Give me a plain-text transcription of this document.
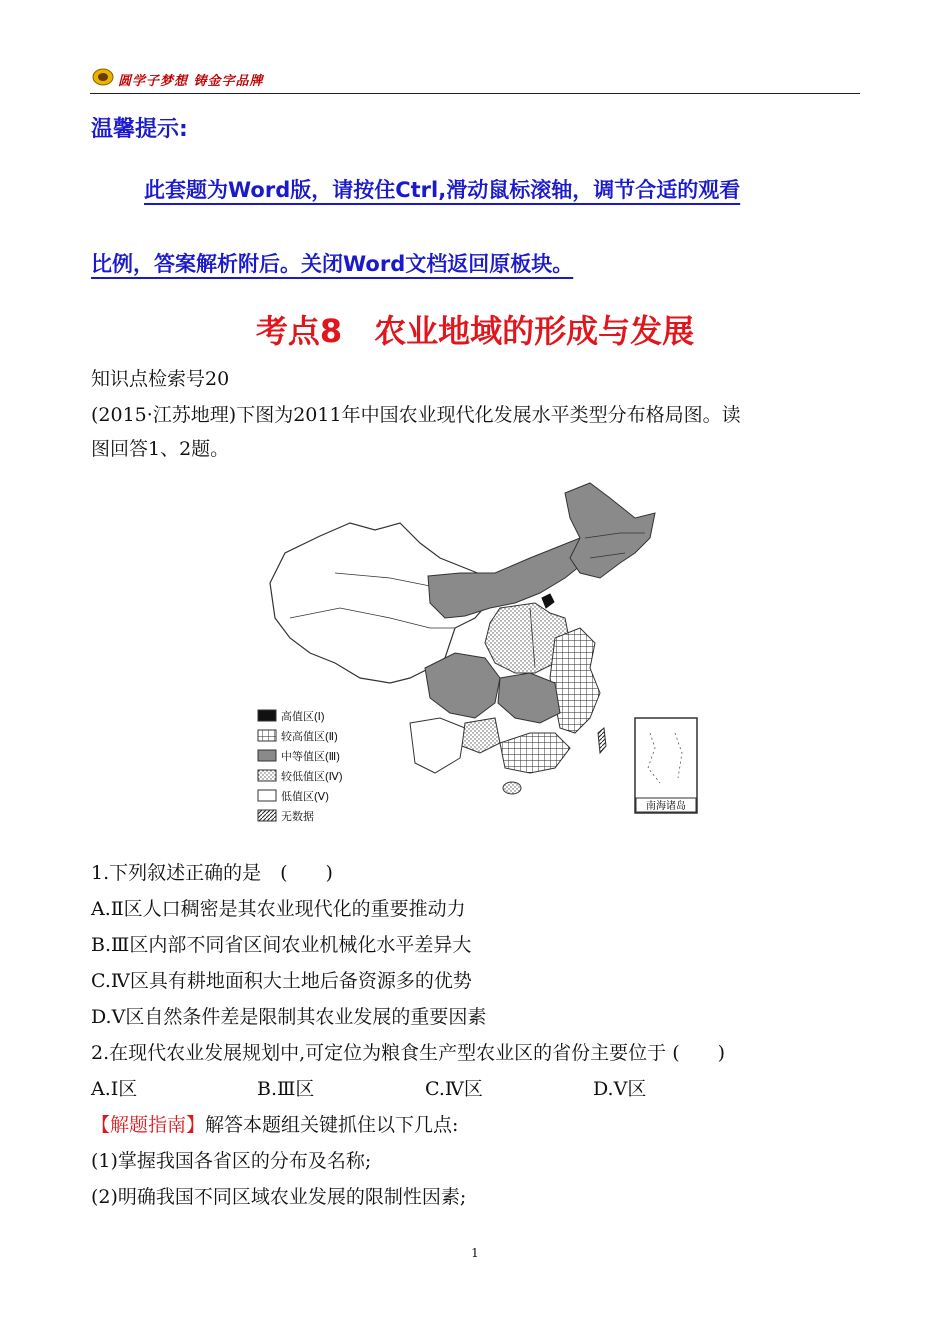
圆学子梦想 铸金字品牌
温馨提示:
此套题为Word版，请按住Ctrl,滑动鼠标滚轴，调节合适的观看
比例，答案解析附后。关闭Word文档返回原板块。
考点8　农业地域的形成与发展
知识点检索号20
(2015·江苏地理)下图为2011年中国农业现代化发展水平类型分布格局图。读
图回答1、2题。
高值区(Ⅰ)
较高值区(Ⅱ)
中等值区(Ⅲ)
较低值区(Ⅳ)
低值区(Ⅴ)
无数据
南海诸岛
1.下列叙述正确的是　(　　)
A.Ⅱ区人口稠密是其农业现代化的重要推动力
B.Ⅲ区内部不同省区间农业机械化水平差异大
C.Ⅳ区具有耕地面积大土地后备资源多的优势
D.Ⅴ区自然条件差是限制其农业发展的重要因素
2.在现代农业发展规划中,可定位为粮食生产型农业区的省份主要位于 (　　)
A.Ⅰ区	B.Ⅲ区	C.Ⅳ区	D.Ⅴ区
【解题指南】解答本题组关键抓住以下几点:
(1)掌握我国各省区的分布及名称;
(2)明确我国不同区域农业发展的限制性因素;
1
